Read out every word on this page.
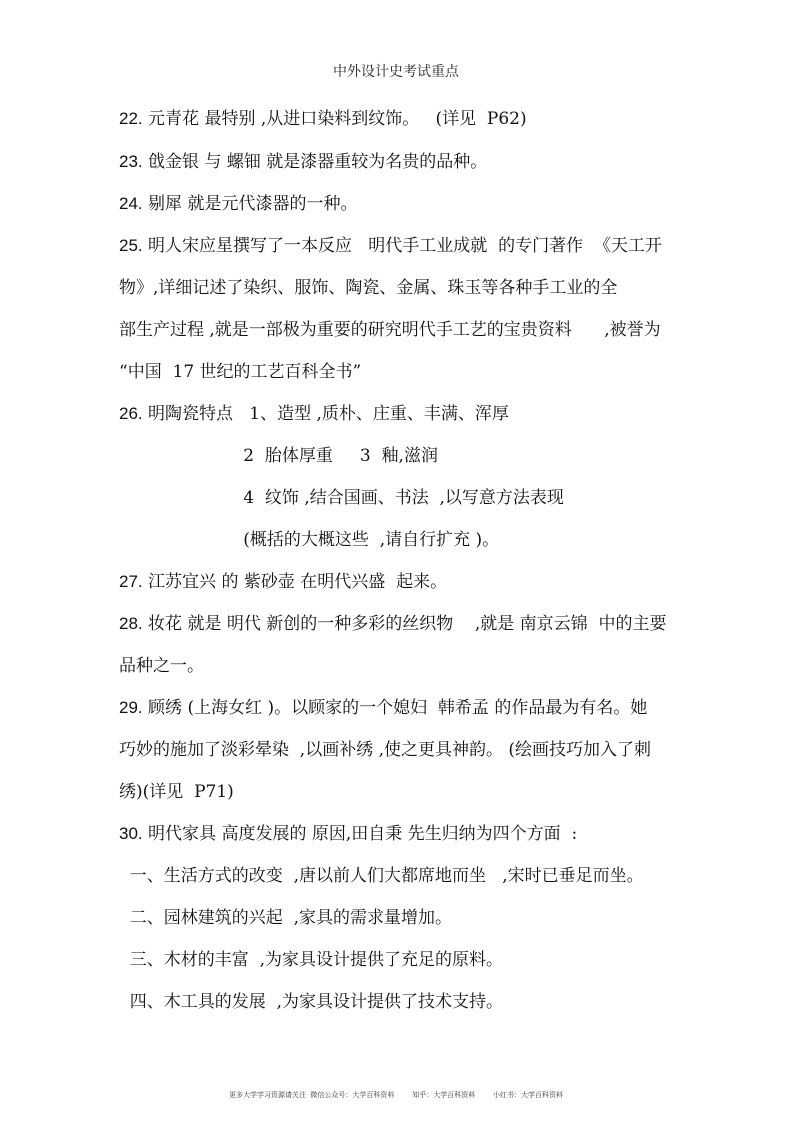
中外设计史考试重点
22. 元青花 最特别 ,从进口染料到纹饰。   (详见  P62)
23. 戗金银 与 螺钿 就是漆器重较为名贵的品种。
24. 剔犀 就是元代漆器的一种。
25. 明人宋应星撰写了一本反应   明代手工业成就  的专门著作  《天工开
物》,详细记述了染织、服饰、陶瓷、金属、珠玉等各种手工业的全
部生产过程 ,就是一部极为重要的研究明代手工艺的宝贵资料      ,被誉为
“中国  17 世纪的工艺百科全书”
26. 明陶瓷特点   1、造型 ,质朴、庄重、丰满、浑厚
2  胎体厚重     3  釉,滋润
4  纹饰 ,结合国画、书法  ,以写意方法表现
(概括的大概这些  ,请自行扩充 )。
27. 江苏宜兴 的 紫砂壶 在明代兴盛  起来。
28. 妆花 就是 明代 新创的一种多彩的丝织物    ,就是 南京云锦  中的主要
品种之一。
29. 顾绣 (上海女红 )。以顾家的一个媳妇  韩希孟 的作品最为有名。她
巧妙的施加了淡彩晕染  ,以画补绣 ,使之更具神韵。 (绘画技巧加入了刺
绣)(详见  P71)
30. 明代家具 高度发展的 原因,田自秉 先生归纳为四个方面  :
一、生活方式的改变  ,唐以前人们大都席地而坐   ,宋时已垂足而坐。
二、园林建筑的兴起  ,家具的需求量增加。
三、木材的丰富  ,为家具设计提供了充足的原料。
四、木工具的发展  ,为家具设计提供了技术支持。
更多大学学习资源请关注  微信公众号：大学百科资料        知乎：大学百科资料        小红书：大学百科资料
